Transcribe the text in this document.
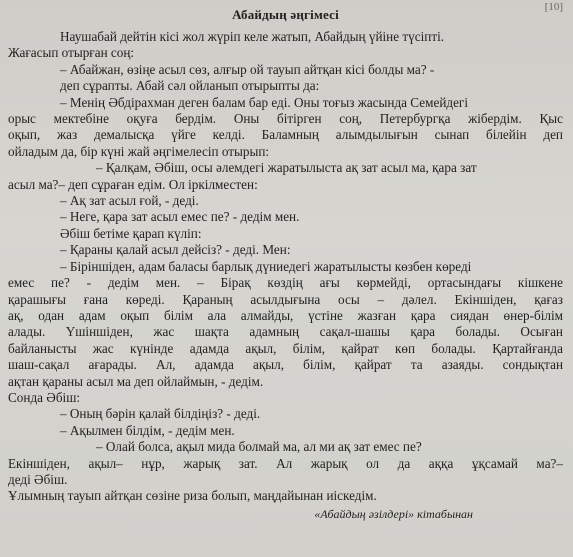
[10]
Абайдың әңгімесі
Наушабай дейтін кісі жол жүріп келе жатып, Абайдың үйіне түсіпті.
Жағасып отырған соң:
– Абайжан, өзіңе асыл сөз, алғыр ой тауып айтқан кісі болды ма? -
деп сұрапты. Абай сәл ойланып отырыпты да:
– Менің Әбдірахман деген балам бар еді. Оны тоғыз жасында Семейдегі
орыс мектебіне оқуға бердім. Оны бітірген соң, Петербургқа жібердім. Қыс
оқып, жаз демалысқа үйге келді. Баламның алымдылығын сынап білейін деп
ойладым да, бір күні жай әңгімелесіп отырып:
– Қалқам, Әбіш, осы әлемдегі жаратылыста ақ зат асыл ма, қара зат
асыл ма?– деп сұраған едім. Ол іркілместен:
– Ақ зат асыл ғой, - деді.
– Неге, қара зат асыл емес пе? - дедім мен.
Әбіш бетіме қарап күліп:
– Қараны қалай асыл дейсіз? - деді. Мен:
– Біріншіден, адам баласы барлық дүниедегі жаратылысты көзбен көреді
емес пе? - дедім мен. – Бірақ көздің ағы көрмейді, ортасындағы кішкене
қарашығы ғана көреді. Қараның асылдығына осы – дәлел. Екіншіден, қағаз
ақ, одан адам оқып білім ала алмайды, үстіне жазған қара сиядан өнер-білім
алады. Үшіншіден, жас шақта адамның сақал-шашы қара болады. Осыған
байланысты жас күнінде адамда ақыл, білім, қайрат көп болады. Қартайғанда
шаш-сақал ағарады. Ал, адамда ақыл, білім, қайрат та азаяды. сондықтан
ақтан қараны асыл ма деп ойлаймын, - дедім.
Сонда Әбіш:
– Оның бәрін қалай білдіңіз? - деді.
– Ақылмен білдім, - дедім мен.
– Олай болса, ақыл мида болмай ма, ал ми ақ зат емес пе?
Екіншіден, ақыл– нұр, жарық зат. Ал жарық ол да аққа ұқсамай ма?–
деді Әбіш.
Ұлымның тауып айтқан сөзіне риза болып, маңдайынан иіскедім.
«Абайдың әзілдері» кітабынан
